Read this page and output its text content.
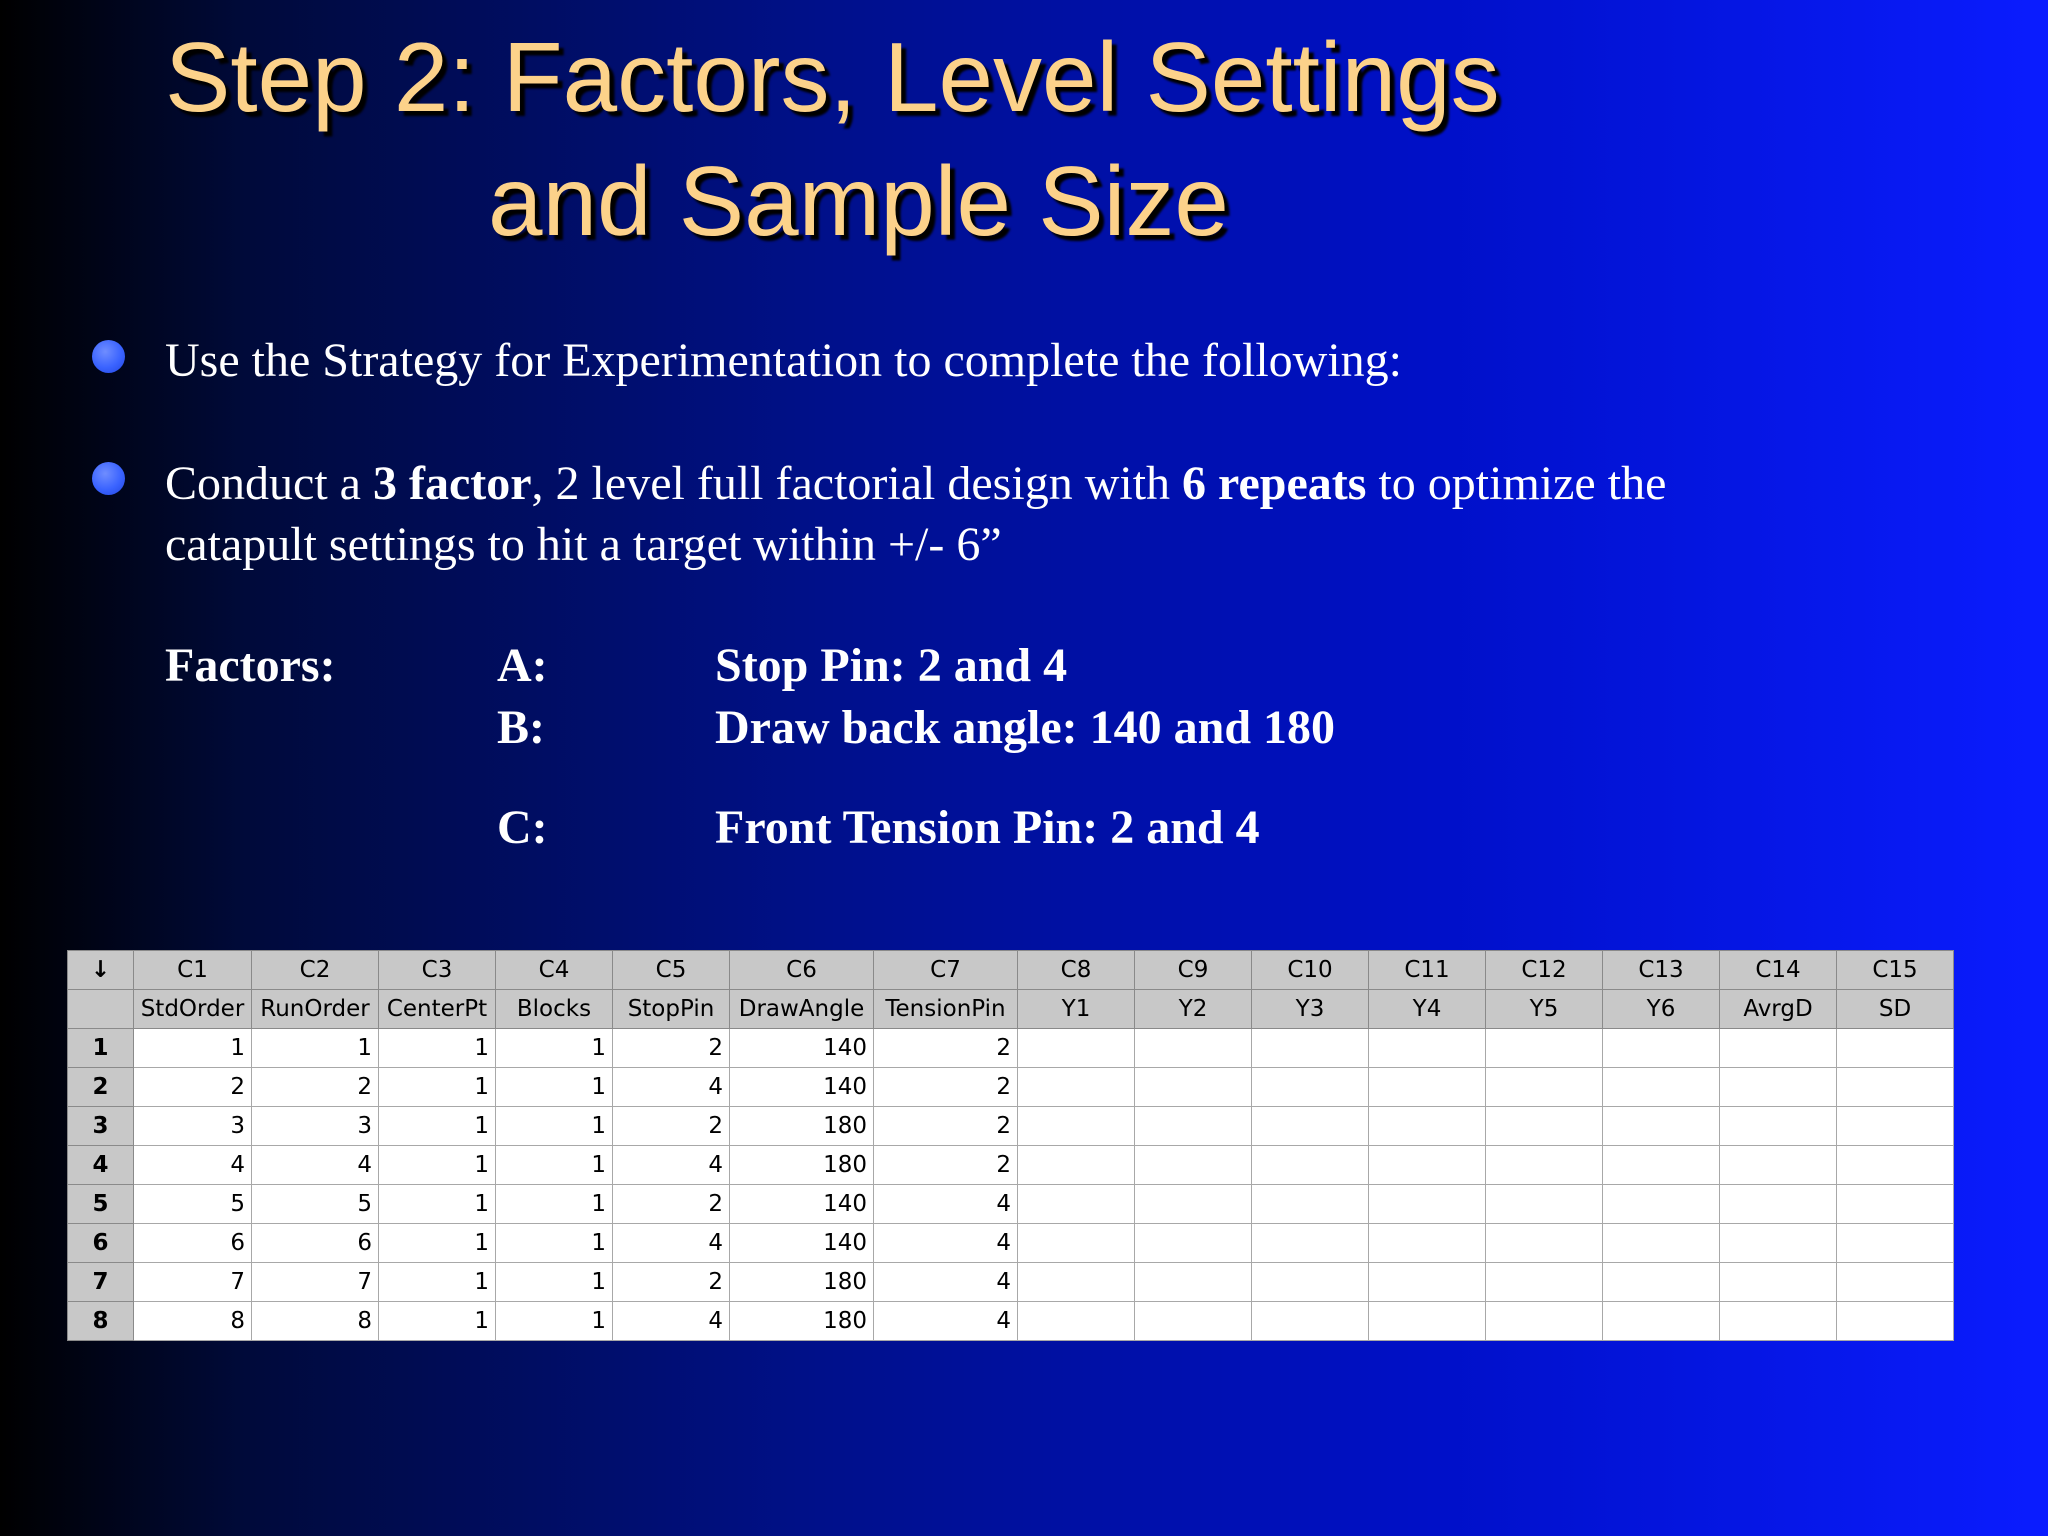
Step 2: Factors, Level Settings
and Sample Size
Use the Strategy for Experimentation to complete the following:
Conduct a 3 factor, 2 level full factorial design with 6 repeats to optimize the
catapult settings to hit a target within +/- 6”
Factors:	A:	Stop Pin: 2 and 4
B:	Draw back angle: 140 and 180
C:	Front Tension Pin: 2 and 4
↓	C1	C2	C3	C4	C5	C6	C7	C8	C9	C10	C11	C12	C13	C14	C15
	StdOrder	RunOrder	CenterPt	Blocks	StopPin	DrawAngle	TensionPin	Y1	Y2	Y3	Y4	Y5	Y6	AvrgD	SD
1	1	1	1	1	2	140	2								
2	2	2	1	1	4	140	2								
3	3	3	1	1	2	180	2								
4	4	4	1	1	4	180	2								
5	5	5	1	1	2	140	4								
6	6	6	1	1	4	140	4								
7	7	7	1	1	2	180	4								
8	8	8	1	1	4	180	4								
